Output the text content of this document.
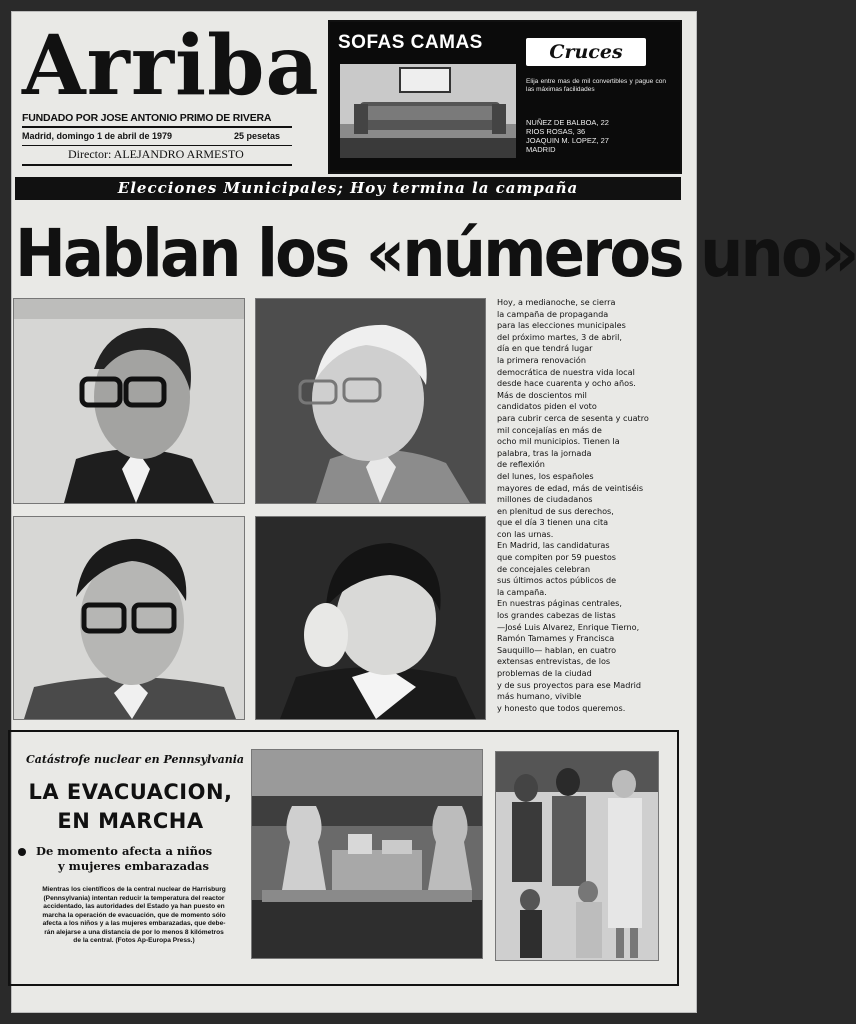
Arriba
FUNDADO POR JOSE ANTONIO PRIMO DE RIVERA
Madrid, domingo 1 de abril de 1979	25 pesetas
Director: ALEJANDRO ARMESTO
SOFAS CAMAS	Cruces
Elija entre mas de mil convertibles y pague con las máximas facilidades
NUÑEZ DE BALBOA, 22
RIOS ROSAS, 36
JOAQUIN M. LOPEZ, 27
MADRID
Elecciones Municipales; Hoy termina la campaña
Hablan los «números uno»
Hoy, a medianoche, se cierra
la campaña de propaganda
para las elecciones municipales
del próximo martes, 3 de abril,
día en que tendrá lugar
la primera renovación
democrática de nuestra vida local
desde hace cuarenta y ocho años.
Más de doscientos mil
candidatos piden el voto
para cubrir cerca de sesenta y cuatro
mil concejalías en más de
ocho mil municipios. Tienen la
palabra, tras la jornada
de reflexión
del lunes, los españoles
mayores de edad, más de veintiséis
millones de ciudadanos
en plenitud de sus derechos,
que el día 3 tienen una cita
con las urnas.
En Madrid, las candidaturas
que compiten por 59 puestos
de concejales celebran
sus últimos actos públicos de
la campaña.
En nuestras páginas centrales,
los grandes cabezas de listas
—José Luis Alvarez, Enrique Tierno,
Ramón Tamames y Francisca
Sauquillo— hablan, en cuatro
extensas entrevistas, de los
problemas de la ciudad
y de sus proyectos para ese Madrid
más humano, vivible
y honesto que todos queremos.
Catástrofe nuclear en Pennsylvania
LA EVACUACION,
EN MARCHA
De momento afecta a niños
y mujeres embarazadas
Mientras los científicos de la central nuclear de Harrisburg
(Pennsylvania) intentan reducir la temperatura del reactor
accidentado, las autoridades del Estado ya han puesto en
marcha la operación de evacuación, que de momento sólo
afecta a los niños y a las mujeres embarazadas, que debe-
rán alejarse a una distancia de por lo menos 8 kilómetros
de la central. (Fotos Ap-Europa Press.)
